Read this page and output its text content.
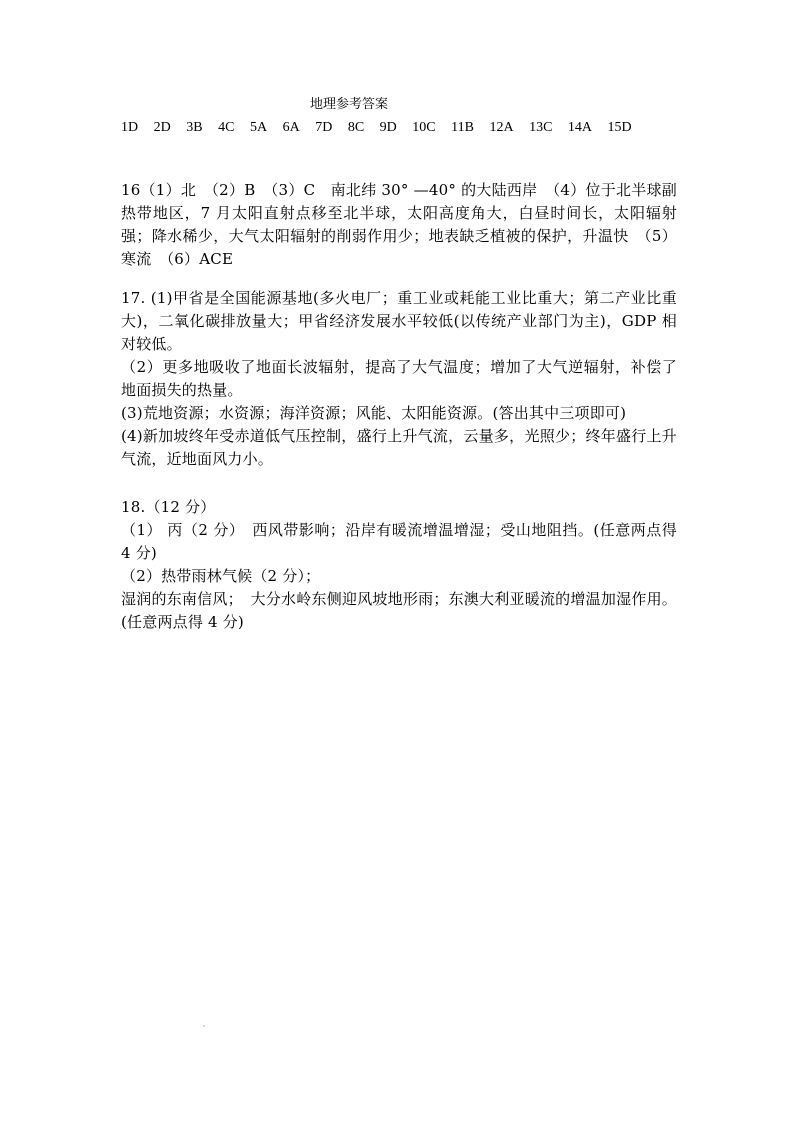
地理参考答案
1D 2D 3B 4C 5A 6A 7D 8C 9D 10C 11B 12A 13C 14A 15D

16（1）北　（2）B　（3）C　南北纬 30° —40° 的大陆西岸　（4）位于北半球副热带地区，7 月太阳直射点移至北半球，太阳高度角大，白昼时间长，太阳辐射强；降水稀少，大气太阳辐射的削弱作用少；地表缺乏植被的保护，升温快　（5）寒流　（6）ACE

17. (1)甲省是全国能源基地(多火电厂；重工业或耗能工业比重大；第二产业比重大)，二氧化碳排放量大；甲省经济发展水平较低(以传统产业部门为主)，GDP 相对较低。

（2）更多地吸收了地面长波辐射，提高了大气温度；增加了大气逆辐射，补偿了地面损失的热量。

(3)荒地资源；水资源；海洋资源；风能、太阳能资源。(答出其中三项即可)

(4)新加坡终年受赤道低气压控制，盛行上升气流，云量多，光照少；终年盛行上升气流，近地面风力小。

18.（12 分）

（1） 丙（2 分）　西风带影响；沿岸有暖流增温增湿；受山地阻挡。(任意两点得 4 分)

（2）热带雨林气候（2 分）；

湿润的东南信风；　大分水岭东侧迎风坡地形雨；东澳大利亚暖流的增温加湿作用。(任意两点得 4 分)
